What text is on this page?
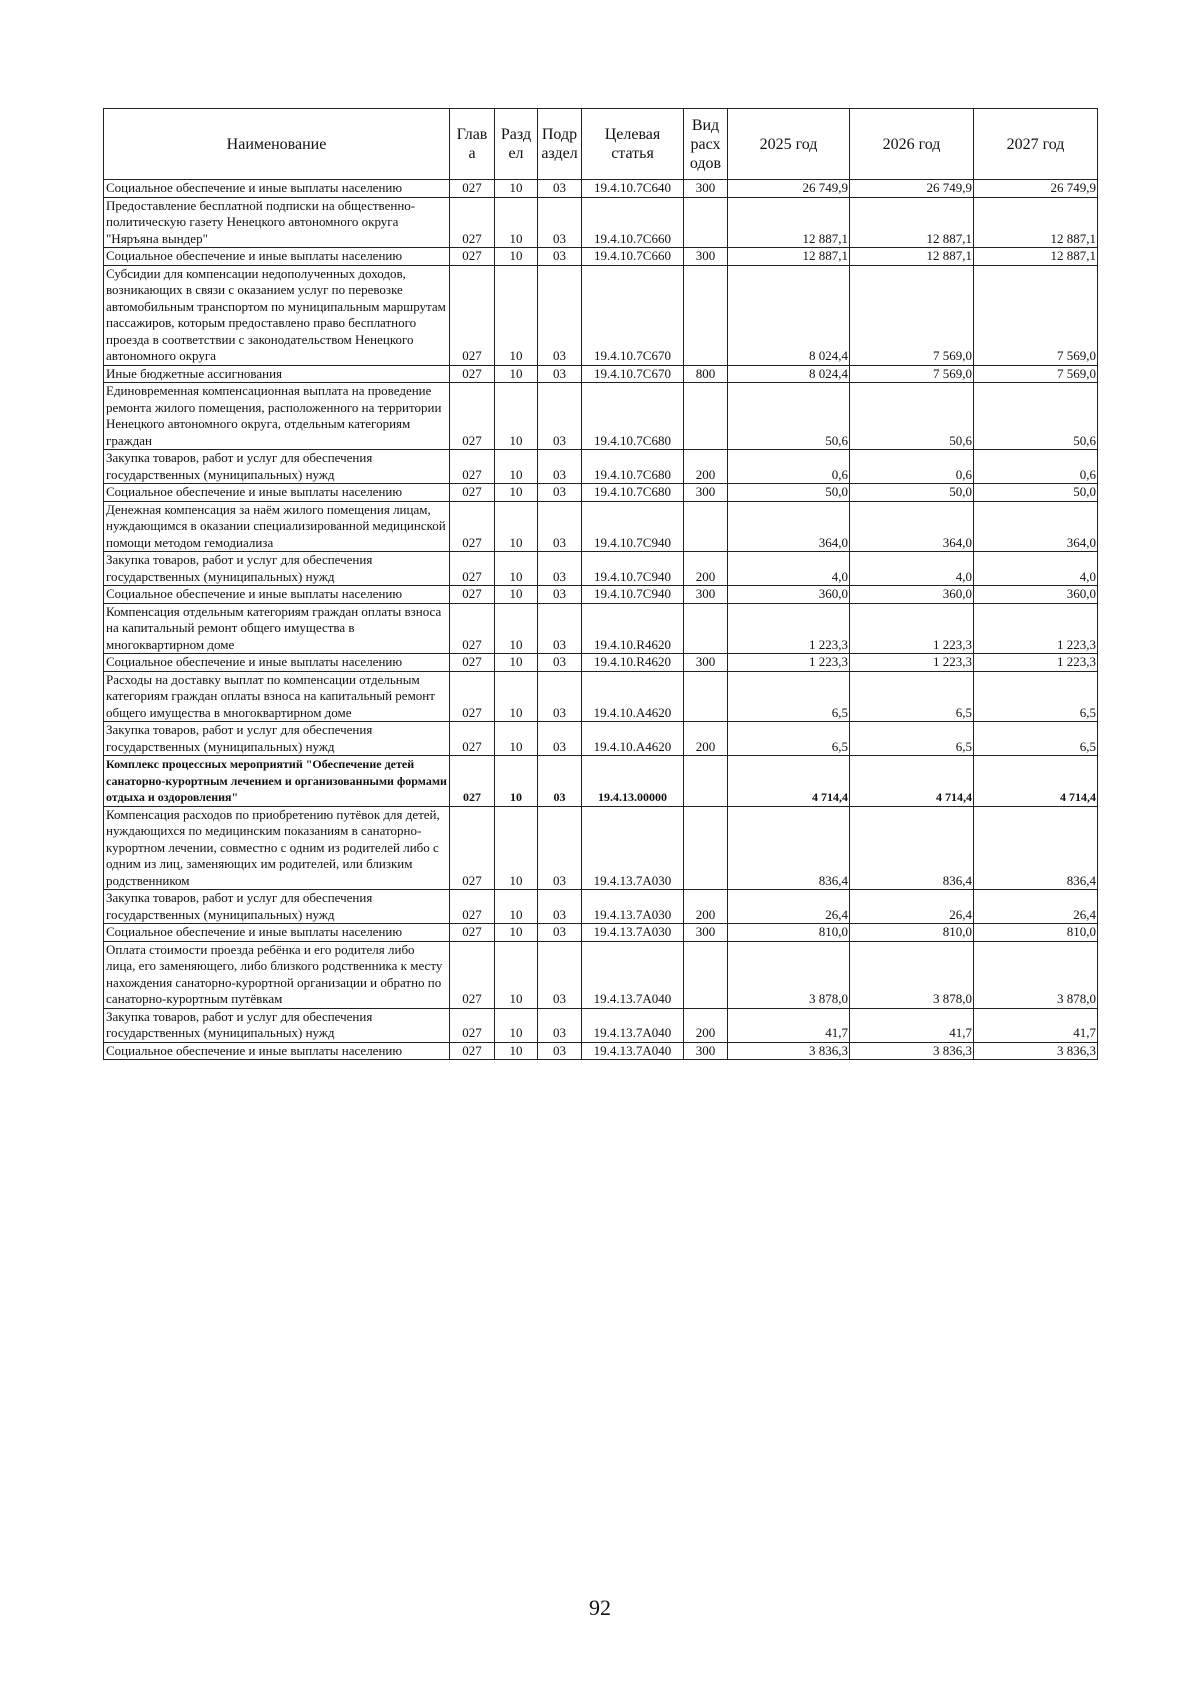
Наименование	Глав а	Разд ел	Подр аздел	Целевая статья	Вид расх одов	2025 год	2026 год	2027 год
Социальное обеспечение и иные выплаты населению	027	10	03	19.4.10.7С640	300	26 749,9	26 749,9	26 749,9
Предоставление бесплатной подписки на общественно-политическую газету Ненецкого автономного округа "Няръяна вындер"	027	10	03	19.4.10.7С660		12 887,1	12 887,1	12 887,1
Социальное обеспечение и иные выплаты населению	027	10	03	19.4.10.7С660	300	12 887,1	12 887,1	12 887,1
Субсидии для компенсации недополученных доходов, возникающих в связи с оказанием услуг по перевозке автомобильным транспортом по муниципальным маршрутам пассажиров, которым предоставлено право бесплатного проезда в соответствии с законодательством Ненецкого автономного округа	027	10	03	19.4.10.7С670		8 024,4	7 569,0	7 569,0
Иные бюджетные ассигнования	027	10	03	19.4.10.7С670	800	8 024,4	7 569,0	7 569,0
Единовременная компенсационная выплата на проведение ремонта жилого помещения, расположенного на территории Ненецкого автономного округа, отдельным категориям граждан	027	10	03	19.4.10.7С680		50,6	50,6	50,6
Закупка товаров, работ и услуг для обеспечения государственных (муниципальных) нужд	027	10	03	19.4.10.7С680	200	0,6	0,6	0,6
Социальное обеспечение и иные выплаты населению	027	10	03	19.4.10.7С680	300	50,0	50,0	50,0
Денежная компенсация за наём жилого помещения лицам, нуждающимся в оказании специализированной медицинской помощи методом гемодиализа	027	10	03	19.4.10.7С940		364,0	364,0	364,0
Закупка товаров, работ и услуг для обеспечения государственных (муниципальных) нужд	027	10	03	19.4.10.7С940	200	4,0	4,0	4,0
Социальное обеспечение и иные выплаты населению	027	10	03	19.4.10.7С940	300	360,0	360,0	360,0
Компенсация отдельным категориям граждан оплаты взноса на капитальный ремонт общего имущества в многоквартирном доме	027	10	03	19.4.10.R4620		1 223,3	1 223,3	1 223,3
Социальное обеспечение и иные выплаты населению	027	10	03	19.4.10.R4620	300	1 223,3	1 223,3	1 223,3
Расходы на доставку выплат по компенсации отдельным категориям граждан оплаты взноса на капитальный ремонт общего имущества в многоквартирном доме	027	10	03	19.4.10.А4620		6,5	6,5	6,5
Закупка товаров, работ и услуг для обеспечения государственных (муниципальных) нужд	027	10	03	19.4.10.А4620	200	6,5	6,5	6,5
Комплекс процессных мероприятий "Обеспечение детей санаторно-курортным лечением и организованными формами отдыха и оздоровления"	027	10	03	19.4.13.00000		4 714,4	4 714,4	4 714,4
Компенсация расходов по приобретению путёвок для детей, нуждающихся по медицинским показаниям в санаторно-курортном лечении, совместно с одним из родителей либо с одним из лиц, заменяющих им родителей, или близким родственником	027	10	03	19.4.13.7А030		836,4	836,4	836,4
Закупка товаров, работ и услуг для обеспечения государственных (муниципальных) нужд	027	10	03	19.4.13.7А030	200	26,4	26,4	26,4
Социальное обеспечение и иные выплаты населению	027	10	03	19.4.13.7А030	300	810,0	810,0	810,0
Оплата стоимости проезда ребёнка и его родителя либо лица, его заменяющего, либо близкого родственника к месту нахождения санаторно-курортной организации и обратно по санаторно-курортным путёвкам	027	10	03	19.4.13.7А040		3 878,0	3 878,0	3 878,0
Закупка товаров, работ и услуг для обеспечения государственных (муниципальных) нужд	027	10	03	19.4.13.7А040	200	41,7	41,7	41,7
Социальное обеспечение и иные выплаты населению	027	10	03	19.4.13.7А040	300	3 836,3	3 836,3	3 836,3
92
